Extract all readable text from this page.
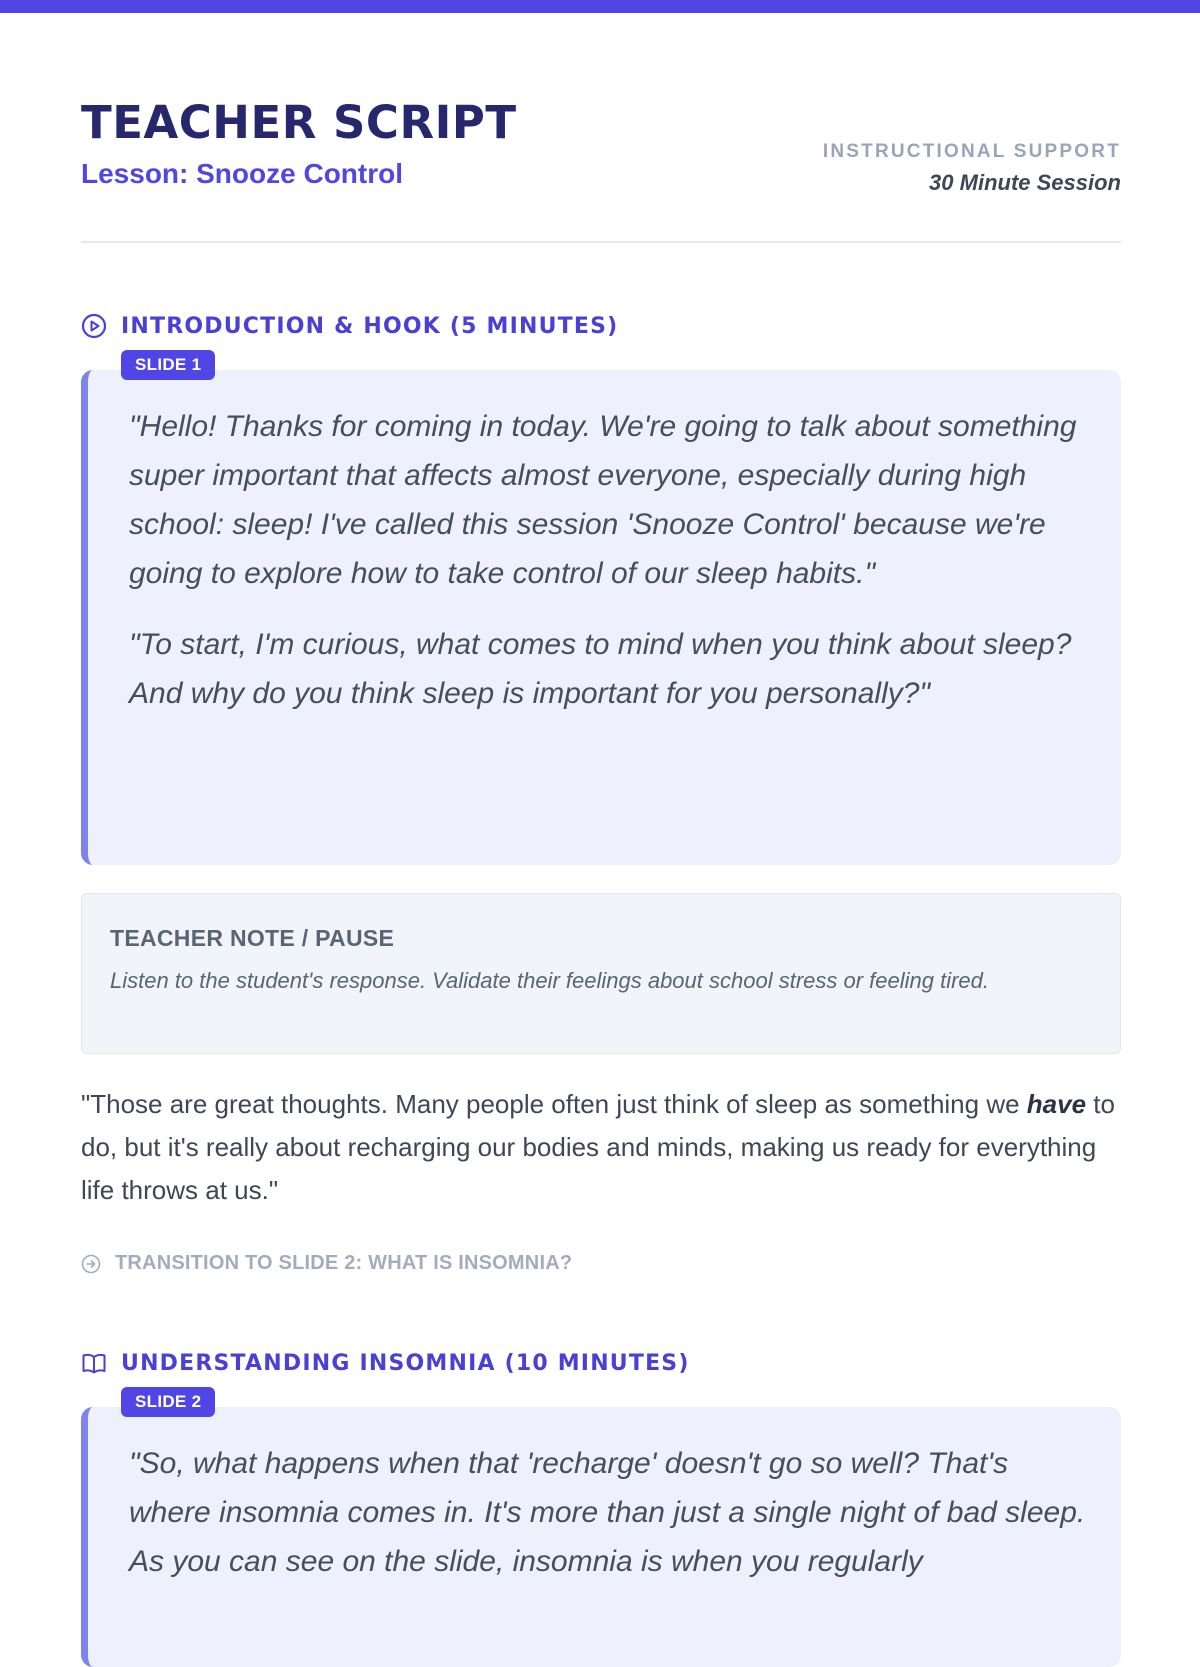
TEACHER SCRIPT
Lesson: Snooze Control
INSTRUCTIONAL SUPPORT
30 Minute Session
INTRODUCTION & HOOK (5 MINUTES)
SLIDE 1

"Hello! Thanks for coming in today. We're going to talk about something super important that affects almost everyone, especially during high school: sleep! I've called this session 'Snooze Control' because we're going to explore how to take control of our sleep habits."

"To start, I'm curious, what comes to mind when you think about sleep? And why do you think sleep is important for you personally?"

TEACHER NOTE / PAUSE
Listen to the student's response. Validate their feelings about school stress or feeling tired.

"Those are great thoughts. Many people often just think of sleep as something we have to do, but it's really about recharging our bodies and minds, making us ready for everything life throws at us."

TRANSITION TO SLIDE 2: WHAT IS INSOMNIA?
UNDERSTANDING INSOMNIA (10 MINUTES)
SLIDE 2

"So, what happens when that 'recharge' doesn't go so well? That's where insomnia comes in. It's more than just a single night of bad sleep. As you can see on the slide, insomnia is when you regularly
